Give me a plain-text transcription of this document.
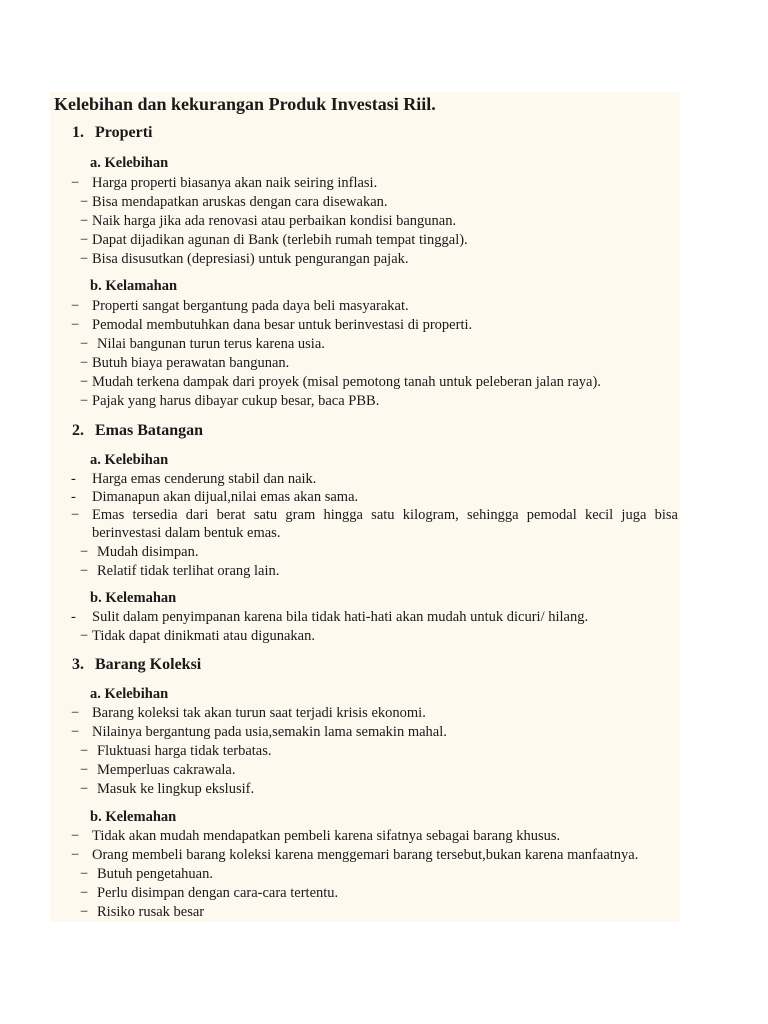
Kelebihan dan kekurangan Produk Investasi Riil.
1. Properti
a. Kelebihan
− Harga properti biasanya akan naik seiring inflasi.
− Bisa mendapatkan aruskas dengan cara disewakan.
− Naik harga jika ada renovasi atau perbaikan kondisi bangunan.
− Dapat dijadikan agunan di Bank (terlebih rumah tempat tinggal).
− Bisa disusutkan (depresiasi) untuk pengurangan pajak.
b. Kelamahan
− Properti sangat bergantung pada daya beli masyarakat.
− Pemodal membutuhkan dana besar untuk berinvestasi di properti.
− Nilai bangunan turun terus karena usia.
− Butuh biaya perawatan bangunan.
− Mudah terkena dampak dari proyek (misal pemotong tanah untuk peleberan jalan raya).
− Pajak yang harus dibayar cukup besar, baca PBB.
2. Emas Batangan
a. Kelebihan
- Harga emas cenderung stabil dan naik.
- Dimanapun akan dijual,nilai emas akan sama.
− Emas tersedia dari berat satu gram hingga satu kilogram, sehingga pemodal kecil juga bisa
berinvestasi dalam bentuk emas.
− Mudah disimpan.
− Relatif tidak terlihat orang lain.
b. Kelemahan
- Sulit dalam penyimpanan karena bila tidak hati-hati akan mudah untuk dicuri/ hilang.
− Tidak dapat dinikmati atau digunakan.
3. Barang Koleksi
a. Kelebihan
− Barang koleksi tak akan turun saat terjadi krisis ekonomi.
− Nilainya bergantung pada usia,semakin lama semakin mahal.
− Fluktuasi harga tidak terbatas.
− Memperluas cakrawala.
− Masuk ke lingkup ekslusif.
b. Kelemahan
− Tidak akan mudah mendapatkan pembeli karena sifatnya sebagai barang khusus.
− Orang membeli barang koleksi karena menggemari barang tersebut,bukan karena manfaatnya.
− Butuh pengetahuan.
− Perlu disimpan dengan cara-cara tertentu.
− Risiko rusak besar
